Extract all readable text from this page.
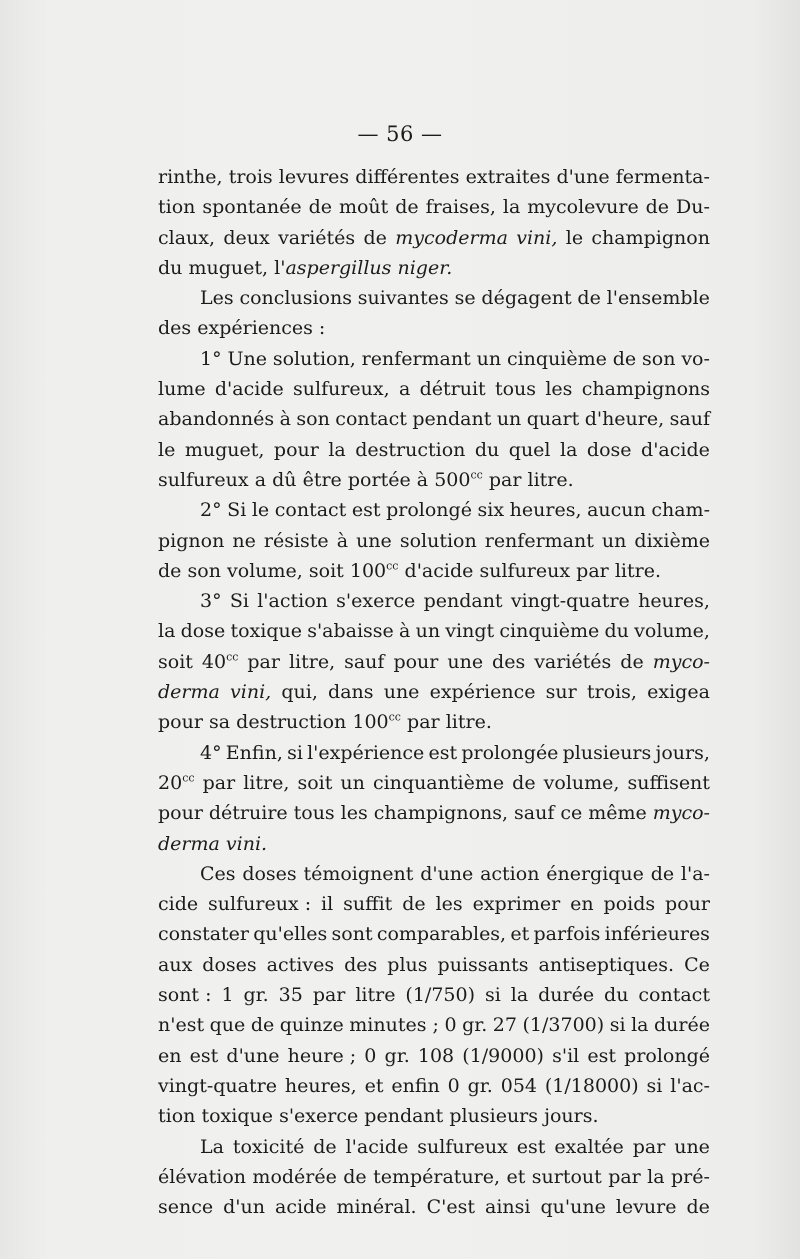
— 56 —
rinthe, trois levures différentes extraites d'une fermenta-
tion spontanée de moût de fraises, la mycolevure de Du-
claux, deux variétés de mycoderma vini, le champignon
du muguet, l'aspergillus niger.
Les conclusions suivantes se dégagent de l'ensemble
des expériences :
1° Une solution, renfermant un cinquième de son vo-
lume d'acide sulfureux, a détruit tous les champignons
abandonnés à son contact pendant un quart d'heure, sauf
le muguet, pour la destruction du quel la dose d'acide
sulfureux a dû être portée à $500^{cc}$ par litre.
2° Si le contact est prolongé six heures, aucun cham-
pignon ne résiste à une solution renfermant un dixième
de son volume, soit $100^{cc}$ d'acide sulfureux par litre.
3° Si l'action s'exerce pendant vingt-quatre heures,
la dose toxique s'abaisse à un vingt cinquième du volume,
soit $40^{cc}$ par litre, sauf pour une des variétés de myco-
derma vini, qui, dans une expérience sur trois, exigea
pour sa destruction $100^{cc}$ par litre.
4° Enfin, si l'expérience est prolongée plusieurs jours,
$20^{cc}$ par litre, soit un cinquantième de volume, suffisent
pour détruire tous les champignons, sauf ce même myco-
derma vini.
Ces doses témoignent d'une action énergique de l'a-
cide sulfureux : il suffit de les exprimer en poids pour
constater qu'elles sont comparables, et parfois inférieures
aux doses actives des plus puissants antiseptiques. Ce
sont : 1 gr. 35 par litre (1/750) si la durée du contact
n'est que de quinze minutes ; 0 gr. 27 (1/3700) si la durée
en est d'une heure ; 0 gr. 108 (1/9000) s'il est prolongé
vingt-quatre heures, et enfin 0 gr. 054 (1/18000) si l'ac-
tion toxique s'exerce pendant plusieurs jours.
La toxicité de l'acide sulfureux est exaltée par une
élévation modérée de température, et surtout par la pré-
sence d'un acide minéral. C'est ainsi qu'une levure de
